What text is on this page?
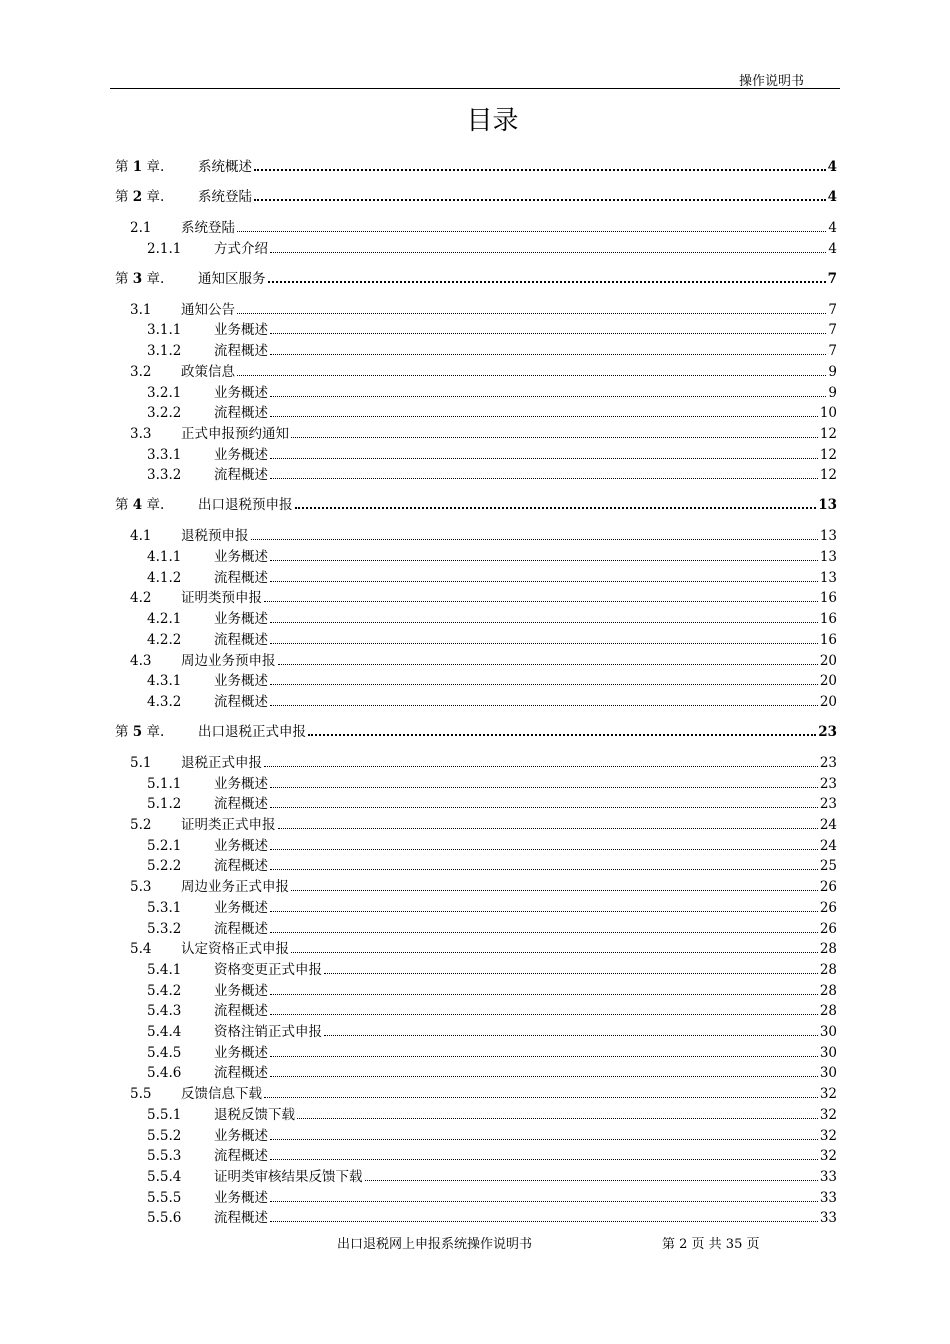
操作说明书
目录
第 1 章.	系统概述	4
第 2 章.	系统登陆	4
2.1	系统登陆	4
2.1.1	方式介绍	4
第 3 章.	通知区服务	7
3.1	通知公告	7
3.1.1	业务概述	7
3.1.2	流程概述	7
3.2	政策信息	9
3.2.1	业务概述	9
3.2.2	流程概述	10
3.3	正式申报预约通知	12
3.3.1	业务概述	12
3.3.2	流程概述	12
第 4 章.	出口退税预申报	13
4.1	退税预申报	13
4.1.1	业务概述	13
4.1.2	流程概述	13
4.2	证明类预申报	16
4.2.1	业务概述	16
4.2.2	流程概述	16
4.3	周边业务预申报	20
4.3.1	业务概述	20
4.3.2	流程概述	20
第 5 章.	出口退税正式申报	23
5.1	退税正式申报	23
5.1.1	业务概述	23
5.1.2	流程概述	23
5.2	证明类正式申报	24
5.2.1	业务概述	24
5.2.2	流程概述	25
5.3	周边业务正式申报	26
5.3.1	业务概述	26
5.3.2	流程概述	26
5.4	认定资格正式申报	28
5.4.1	资格变更正式申报	28
5.4.2	业务概述	28
5.4.3	流程概述	28
5.4.4	资格注销正式申报	30
5.4.5	业务概述	30
5.4.6	流程概述	30
5.5	反馈信息下载	32
5.5.1	退税反馈下载	32
5.5.2	业务概述	32
5.5.3	流程概述	32
5.5.4	证明类审核结果反馈下载	33
5.5.5	业务概述	33
5.5.6	流程概述	33
出口退税网上申报系统操作说明书	第 2 页 共 35 页
